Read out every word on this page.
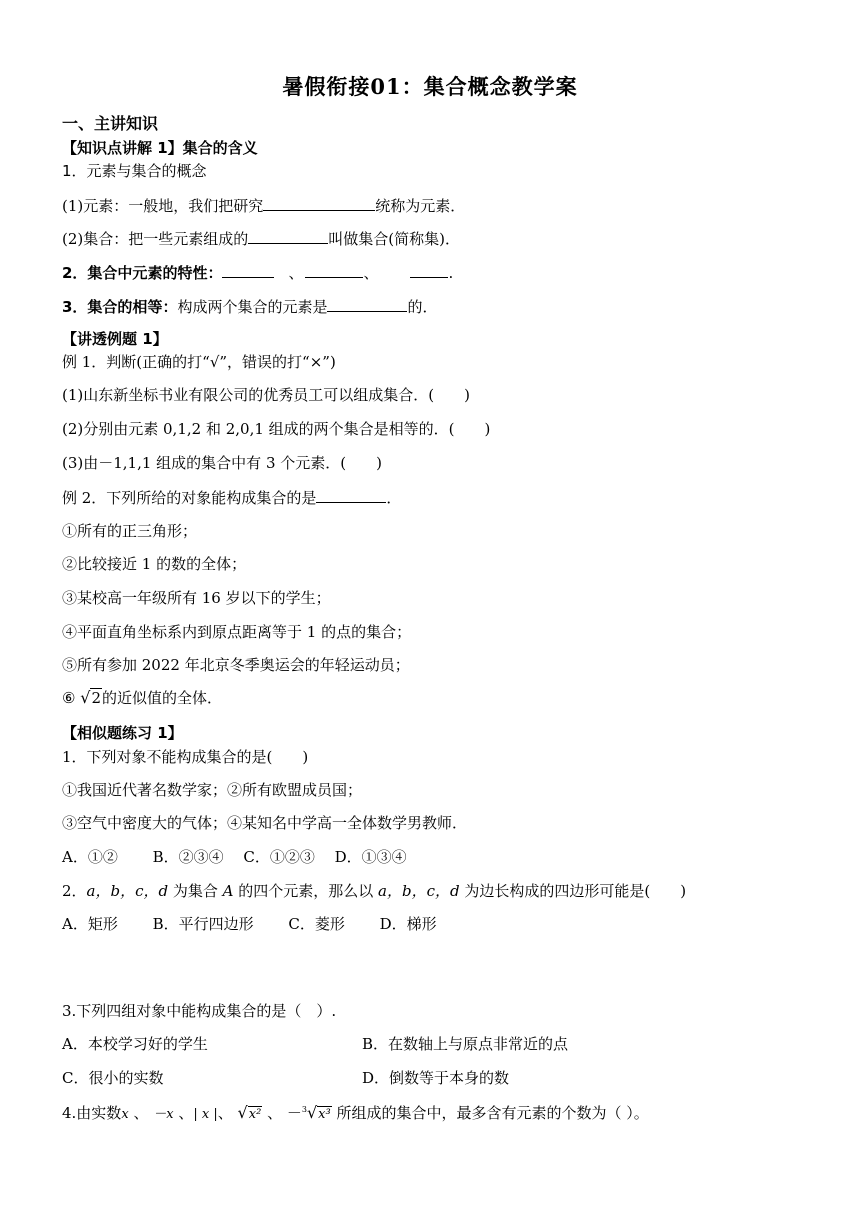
暑假衔接01：集合概念教学案
一、主讲知识
【知识点讲解 1】集合的含义
1．元素与集合的概念
(1)元素：一般地，我们把研究	统称为元素．
(2)集合：把一些元素组成的	叫做集合(简称集)．
2．集合中元素的特性：	、	、	.
3．集合的相等：构成两个集合的元素是	的．
【讲透例题 1】
例 1．判断(正确的打“√”，错误的打“×”)
(1)山东新坐标书业有限公司的优秀员工可以组成集合．(　　)
(2)分别由元素 0,1,2 和 2,0,1 组成的两个集合是相等的．(　　)
(3)由－1,1,1 组成的集合中有 3 个元素．(　　)
例 2．下列所给的对象能构成集合的是	．
①所有的正三角形；
②比较接近 1 的数的全体；
③某校高一年级所有 16 岁以下的学生；
④平面直角坐标系内到原点距离等于 1 的点的集合；
⑤所有参加 2022 年北京冬季奥运会的年轻运动员；
⑥ √2的近似值的全体．
【相似题练习 1】
1．下列对象不能构成集合的是(　　)
①我国近代著名数学家；②所有欧盟成员国；
③空气中密度大的气体；④某知名中学高一全体数学男教师．
A．①②　　 B．②③④　 C．①②③　 D．①③④
2．a，b，c，d 为集合 A 的四个元素，那么以 a，b，c，d 为边长构成的四边形可能是(　　)
A．矩形　　 B．平行四边形　　 C．菱形　　 D．梯形
3.下列四组对象中能构成集合的是（　）.
A．本校学习好的学生	B．在数轴上与原点非常近的点
C．很小的实数	D．倒数等于本身的数
4.由实数x 、 －x 、| x |、 √x² 、 －$^3$√x³ 所组成的集合中，最多含有元素的个数为（ ）。
